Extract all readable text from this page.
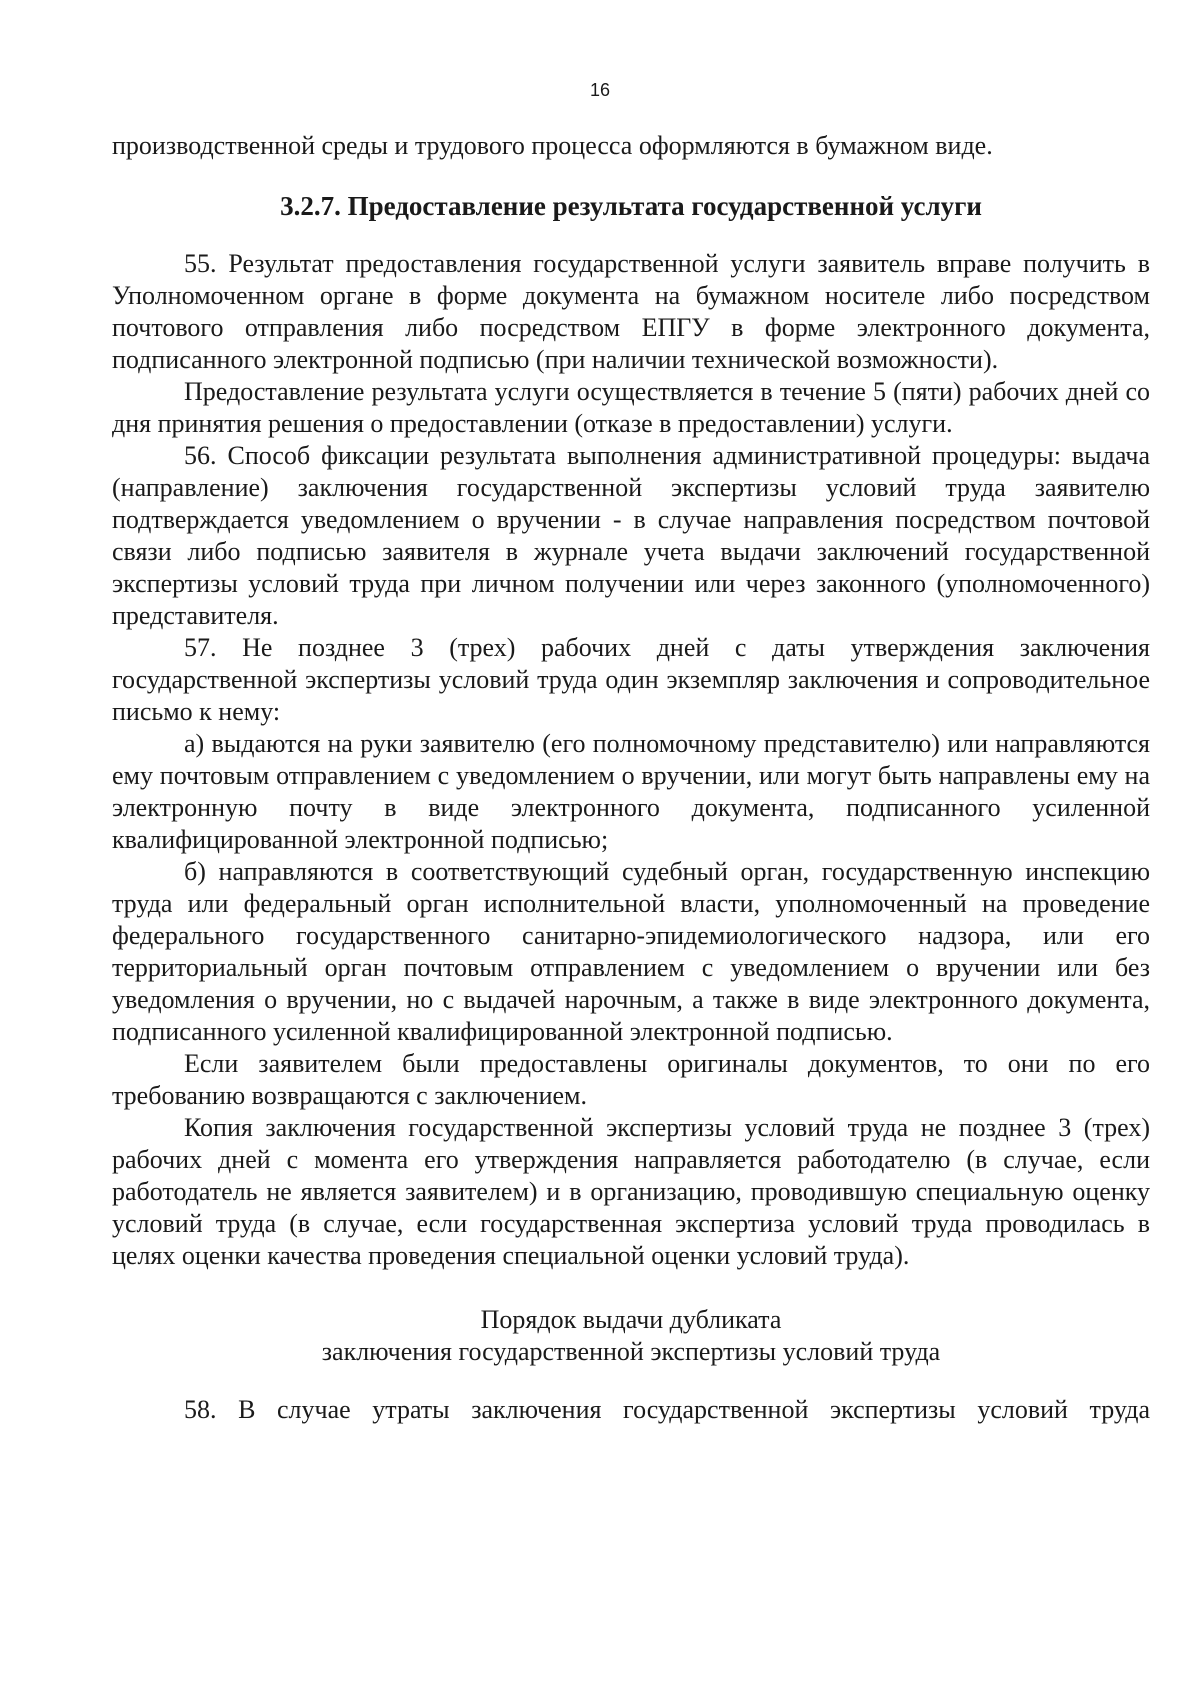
16

производственной среды и трудового процесса оформляются в бумажном виде.

3.2.7. Предоставление результата государственной услуги

55. Результат предоставления государственной услуги заявитель вправе получить в Уполномоченном органе в форме документа на бумажном носителе либо посредством почтового отправления либо посредством ЕПГУ в форме электронного документа, подписанного электронной подписью (при наличии технической возможности).

Предоставление результата услуги осуществляется в течение 5 (пяти) рабочих дней со дня принятия решения о предоставлении (отказе в предоставлении) услуги.

56. Способ фиксации результата выполнения административной процедуры: выдача (направление) заключения государственной экспертизы условий труда заявителю подтверждается уведомлением о вручении - в случае направления посредством почтовой связи либо подписью заявителя в журнале учета выдачи заключений государственной экспертизы условий труда при личном получении или через законного (уполномоченного) представителя.

57. Не позднее 3 (трех) рабочих дней с даты утверждения заключения государственной экспертизы условий труда один экземпляр заключения и сопроводительное письмо к нему:

а) выдаются на руки заявителю (его полномочному представителю) или направляются ему почтовым отправлением с уведомлением о вручении, или могут быть направлены ему на электронную почту в виде электронного документа, подписанного усиленной квалифицированной электронной подписью;

б) направляются в соответствующий судебный орган, государственную инспекцию труда или федеральный орган исполнительной власти, уполномоченный на проведение федерального государственного санитарно-эпидемиологического надзора, или его территориальный орган почтовым отправлением с уведомлением о вручении или без уведомления о вручении, но с выдачей нарочным, а также в виде электронного документа, подписанного усиленной квалифицированной электронной подписью.

Если заявителем были предоставлены оригиналы документов, то они по его требованию возвращаются с заключением.

Копия заключения государственной экспертизы условий труда не позднее 3 (трех) рабочих дней с момента его утверждения направляется работодателю (в случае, если работодатель не является заявителем) и в организацию, проводившую специальную оценку условий труда (в случае, если государственная экспертиза условий труда проводилась в целях оценки качества проведения специальной оценки условий труда).

Порядок выдачи дубликата

заключения государственной экспертизы условий труда

58. В случае утраты заключения государственной экспертизы условий труда
